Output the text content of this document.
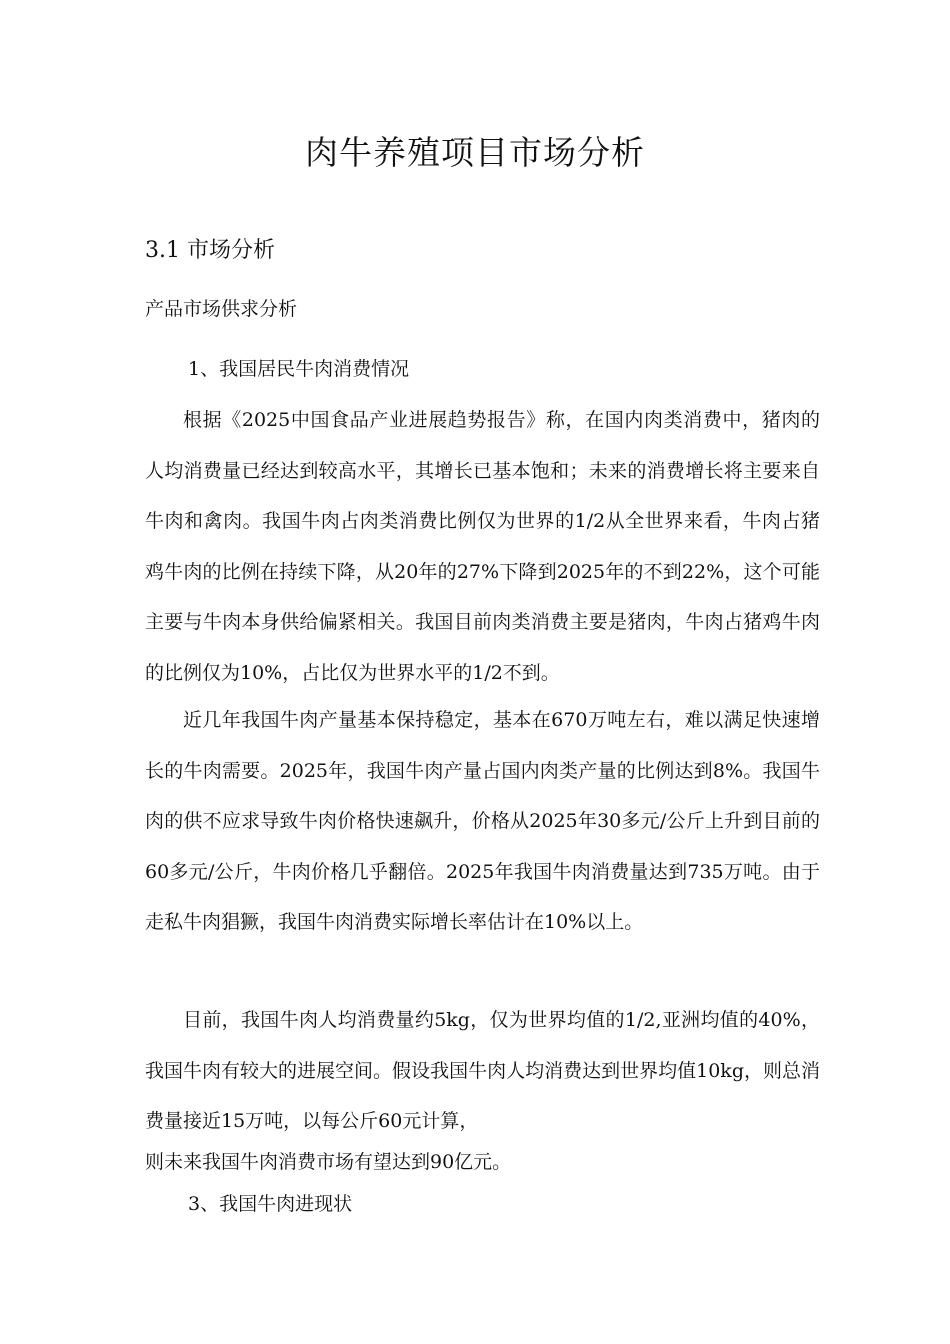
肉牛养殖项目市场分析
3.1 市场分析
产品市场供求分析
1、我国居民牛肉消费情况

根据《2025中国食品产业进展趋势报告》称，在国内肉类消费中，猪肉的人均消费量已经达到较高水平，其增长已基本饱和；未来的消费增长将主要来自牛肉和禽肉。我国牛肉占肉类消费比例仅为世界的1/2从全世界来看，牛肉占猪鸡牛肉的比例在持续下降，从20年的27%下降到2025年的不到22%，这个可能主要与牛肉本身供给偏紧相关。我国目前肉类消费主要是猪肉，牛肉占猪鸡牛肉的比例仅为10%，占比仅为世界水平的1/2不到。

近几年我国牛肉产量基本保持稳定，基本在670万吨左右，难以满足快速增长的牛肉需要。2025年，我国牛肉产量占国内肉类产量的比例达到8%。我国牛肉的供不应求导致牛肉价格快速飙升，价格从2025年30多元/公斤上升到目前的60多元/公斤，牛肉价格几乎翻倍。2025年我国牛肉消费量达到735万吨。由于走私牛肉猖獗，我国牛肉消费实际增长率估计在10%以上。

目前，我国牛肉人均消费量约5kg，仅为世界均值的1/2,亚洲均值的40%，我国牛肉有较大的进展空间。假设我国牛肉人均消费达到世界均值10kg，则总消费量接近15万吨，以每公斤60元计算，

则未来我国牛肉消费市场有望达到90亿元。

3、我国牛肉进现状
